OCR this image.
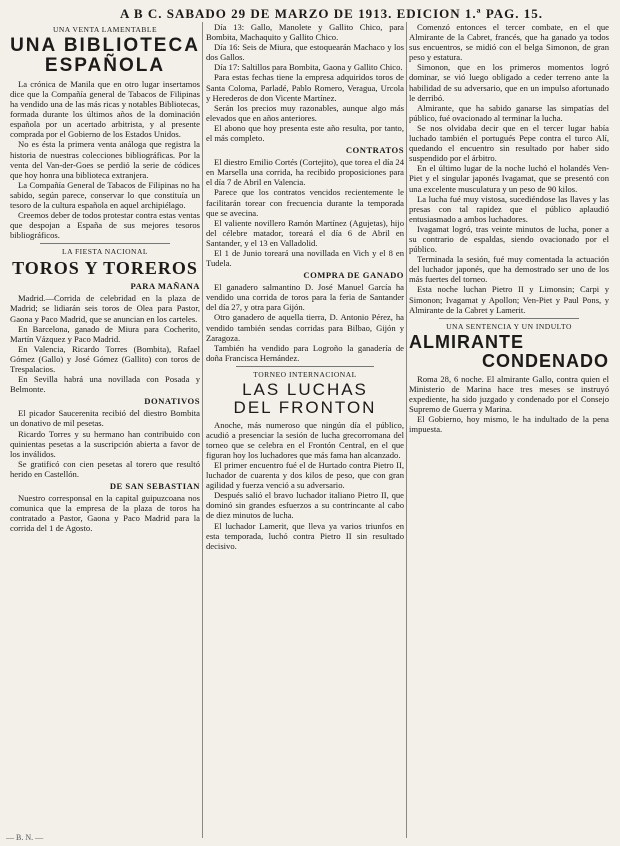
A B C. SABADO 29 DE MARZO DE 1913. EDICION 1.ª PAG. 15.
UNA VENTA LAMENTABLE
UNA BIBLIOTECA
ESPAÑOLA

La crónica de Manila que en otro lugar insertamos dice que la Compañía general de Tabacos de Filipinas ha vendido una de las más ricas y notables Bibliotecas, formada durante los últimos años de la dominación española por un acertado arbitrista, y al presente comprada por el Gobierno de los Estados Unidos.

No es ésta la primera venta análoga que registra la historia de nuestras colecciones bibliográficas. Por la venta del Van-der-Goes se perdió la serie de códices que hoy honra una biblioteca extranjera.

La Compañía General de Tabacos de Filipinas no ha sabido, según parece, conservar lo que constituía un tesoro de la cultura española en aquel archipiélago.

Creemos deber de todos protestar contra estas ventas que despojan a España de sus mejores tesoros bibliográficos.

LA FIESTA NACIONAL
TOROS Y TOREROS
PARA MAÑANA

Madrid.—Corrida de celebridad en la plaza de Madrid; se lidiarán seis toros de Olea para Pastor, Gaona y Paco Madrid, que se anuncian en los carteles.

En Barcelona, ganado de Miura para Cocherito, Martín Vázquez y Paco Madrid.

En Valencia, Ricardo Torres (Bombita), Rafael Gómez (Gallo) y José Gómez (Gallito) con toros de Trespalacios.

En Sevilla habrá una novillada con Posada y Belmonte.

DONATIVOS

El picador Saucerenita recibió del diestro Bombita un donativo de mil pesetas.

Ricardo Torres y su hermano han contribuido con quinientas pesetas a la suscripción abierta a favor de los inválidos.

Se gratificó con cien pesetas al torero que resultó herido en Castellón.

DE SAN SEBASTIAN

Nuestro corresponsal en la capital guipuzcoana nos comunica que la empresa de la plaza de toros ha contratado a Pastor, Gaona y Paco Madrid para la corrida del 1 de Agosto.

Día 13: Gallo, Manolete y Gallito Chico, para Bombita, Machaquito y Gallito Chico.

Día 16: Seis de Miura, que estoquearán Machaco y los dos Gallos.

Día 17: Saltillos para Bombita, Gaona y Gallito Chico.

Para estas fechas tiene la empresa adquiridos toros de Santa Coloma, Parladé, Pablo Romero, Veragua, Urcola y Herederos de don Vicente Martínez.

Serán los precios muy razonables, aunque algo más elevados que en años anteriores.

El abono que hoy presenta este año resulta, por tanto, el más completo.

CONTRATOS

El diestro Emilio Cortés (Cortejito), que torea el día 24 en Marsella una corrida, ha recibido proposiciones para el día 7 de Abril en Valencia.

Parece que los contratos vencidos recientemente le facilitarán torear con frecuencia durante la temporada que se avecina.

El valiente novillero Ramón Martínez (Agujetas), hijo del célebre matador, toreará el día 6 de Abril en Santander, y el 13 en Valladolid.

El 1 de Junio toreará una novillada en Vich y el 8 en Tudela.

COMPRA DE GANADO

El ganadero salmantino D. José Manuel García ha vendido una corrida de toros para la feria de Santander del día 27, y otra para Gijón.

Otro ganadero de aquella tierra, D. Antonio Pérez, ha vendido también sendas corridas para Bilbao, Gijón y Zaragoza.

También ha vendido para Logroño la ganadería de doña Francisca Hernández.

TORNEO INTERNACIONAL
LAS LUCHAS
DEL FRONTON

Anoche, más numeroso que ningún día el público, acudió a presenciar la sesión de lucha grecorromana del torneo que se celebra en el Frontón Central, en el que figuran hoy los luchadores que más fama han alcanzado.

El primer encuentro fué el de Hurtado contra Pietro II, luchador de cuarenta y dos kilos de peso, que con gran agilidad y fuerza venció a su adversario.

Después salió el bravo luchador italiano Pietro II, que dominó sin grandes esfuerzos a su contrincante al cabo de diez minutos de lucha.

El luchador Lamerit, que lleva ya varios triunfos en esta temporada, luchó contra Pietro II sin resultado decisivo.

Comenzó entonces el tercer combate, en el que Almirante de la Cabret, francés, que ha ganado ya todos sus encuentros, se midió con el belga Simonon, de gran peso y estatura.

Simonon, que en los primeros momentos logró dominar, se vió luego obligado a ceder terreno ante la habilidad de su adversario, que en un impulso afortunado le derribó.

Almirante, que ha sabido ganarse las simpatías del público, fué ovacionado al terminar la lucha.

Se nos olvidaba decir que en el tercer lugar había luchado también el portugués Pepe contra el turco Alí, quedando el encuentro sin resultado por haber sido suspendido por el árbitro.

En el último lugar de la noche luchó el holandés Ven-Piet y el singular japonés Ivagamat, que se presentó con una excelente musculatura y un peso de 90 kilos.

La lucha fué muy vistosa, sucediéndose las llaves y las presas con tal rapidez que el público aplaudió entusiasmado a ambos luchadores.

Ivagamat logró, tras veinte minutos de lucha, poner a su contrario de espaldas, siendo ovacionado por el público.

Terminada la sesión, fué muy comentada la actuación del luchador japonés, que ha demostrado ser uno de los más fuertes del torneo.

Esta noche luchan Pietro II y Limonsin; Carpi y Simonon; Ivagamat y Apollon; Ven-Piet y Paul Pons, y Almirante de la Cabret y Lamerit.

UNA SENTENCIA Y UN INDULTO
ALMIRANTE
CONDENADO

Roma 28, 6 noche. El almirante Gallo, contra quien el Ministerio de Marina hace tres meses se instruyó expediente, ha sido juzgado y condenado por el Consejo Supremo de Guerra y Marina.

El Gobierno, hoy mismo, le ha indultado de la pena impuesta.

— B. N. —
